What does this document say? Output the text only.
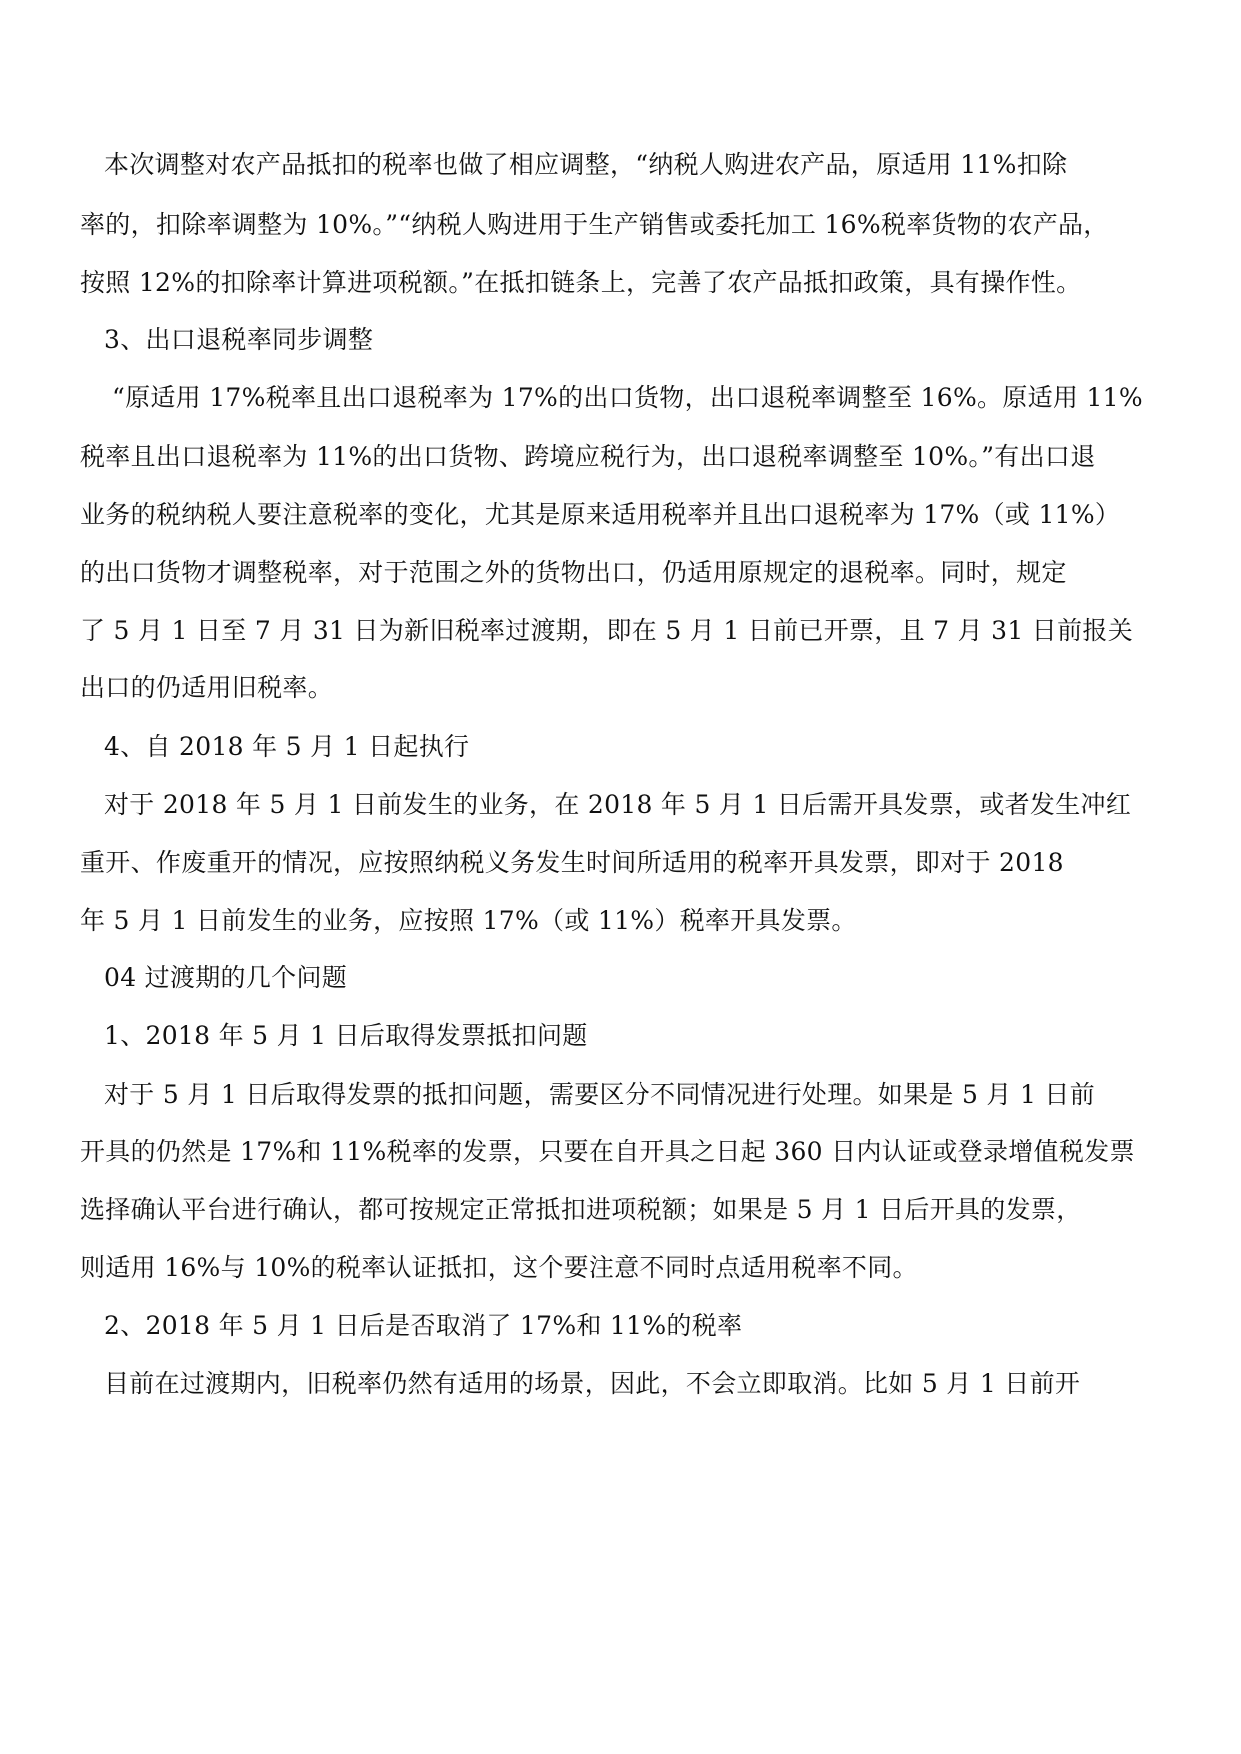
本次调整对农产品抵扣的税率也做了相应调整，“纳税人购进农产品，原适用 11%扣除
率的，扣除率调整为 10%。”“纳税人购进用于生产销售或委托加工 16%税率货物的农产品，
按照 12%的扣除率计算进项税额。”在抵扣链条上，完善了农产品抵扣政策，具有操作性。
3、出口退税率同步调整
“原适用 17%税率且出口退税率为 17%的出口货物，出口退税率调整至 16%。原适用 11%
税率且出口退税率为 11%的出口货物、跨境应税行为，出口退税率调整至 10%。”有出口退
业务的税纳税人要注意税率的变化，尤其是原来适用税率并且出口退税率为 17%（或 11%）
的出口货物才调整税率，对于范围之外的货物出口，仍适用原规定的退税率。同时，规定
了 5 月 1 日至 7 月 31 日为新旧税率过渡期，即在 5 月 1 日前已开票，且 7 月 31 日前报关
出口的仍适用旧税率。
4、自 2018 年 5 月 1 日起执行
对于 2018 年 5 月 1 日前发生的业务，在 2018 年 5 月 1 日后需开具发票，或者发生冲红
重开、作废重开的情况，应按照纳税义务发生时间所适用的税率开具发票，即对于 2018
年 5 月 1 日前发生的业务，应按照 17%（或 11%）税率开具发票。
04 过渡期的几个问题
1、2018 年 5 月 1 日后取得发票抵扣问题
对于 5 月 1 日后取得发票的抵扣问题，需要区分不同情况进行处理。如果是 5 月 1 日前
开具的仍然是 17%和 11%税率的发票，只要在自开具之日起 360 日内认证或登录增值税发票
选择确认平台进行确认，都可按规定正常抵扣进项税额；如果是 5 月 1 日后开具的发票，
则适用 16%与 10%的税率认证抵扣，这个要注意不同时点适用税率不同。
2、2018 年 5 月 1 日后是否取消了 17%和 11%的税率
目前在过渡期内，旧税率仍然有适用的场景，因此，不会立即取消。比如 5 月 1 日前开
